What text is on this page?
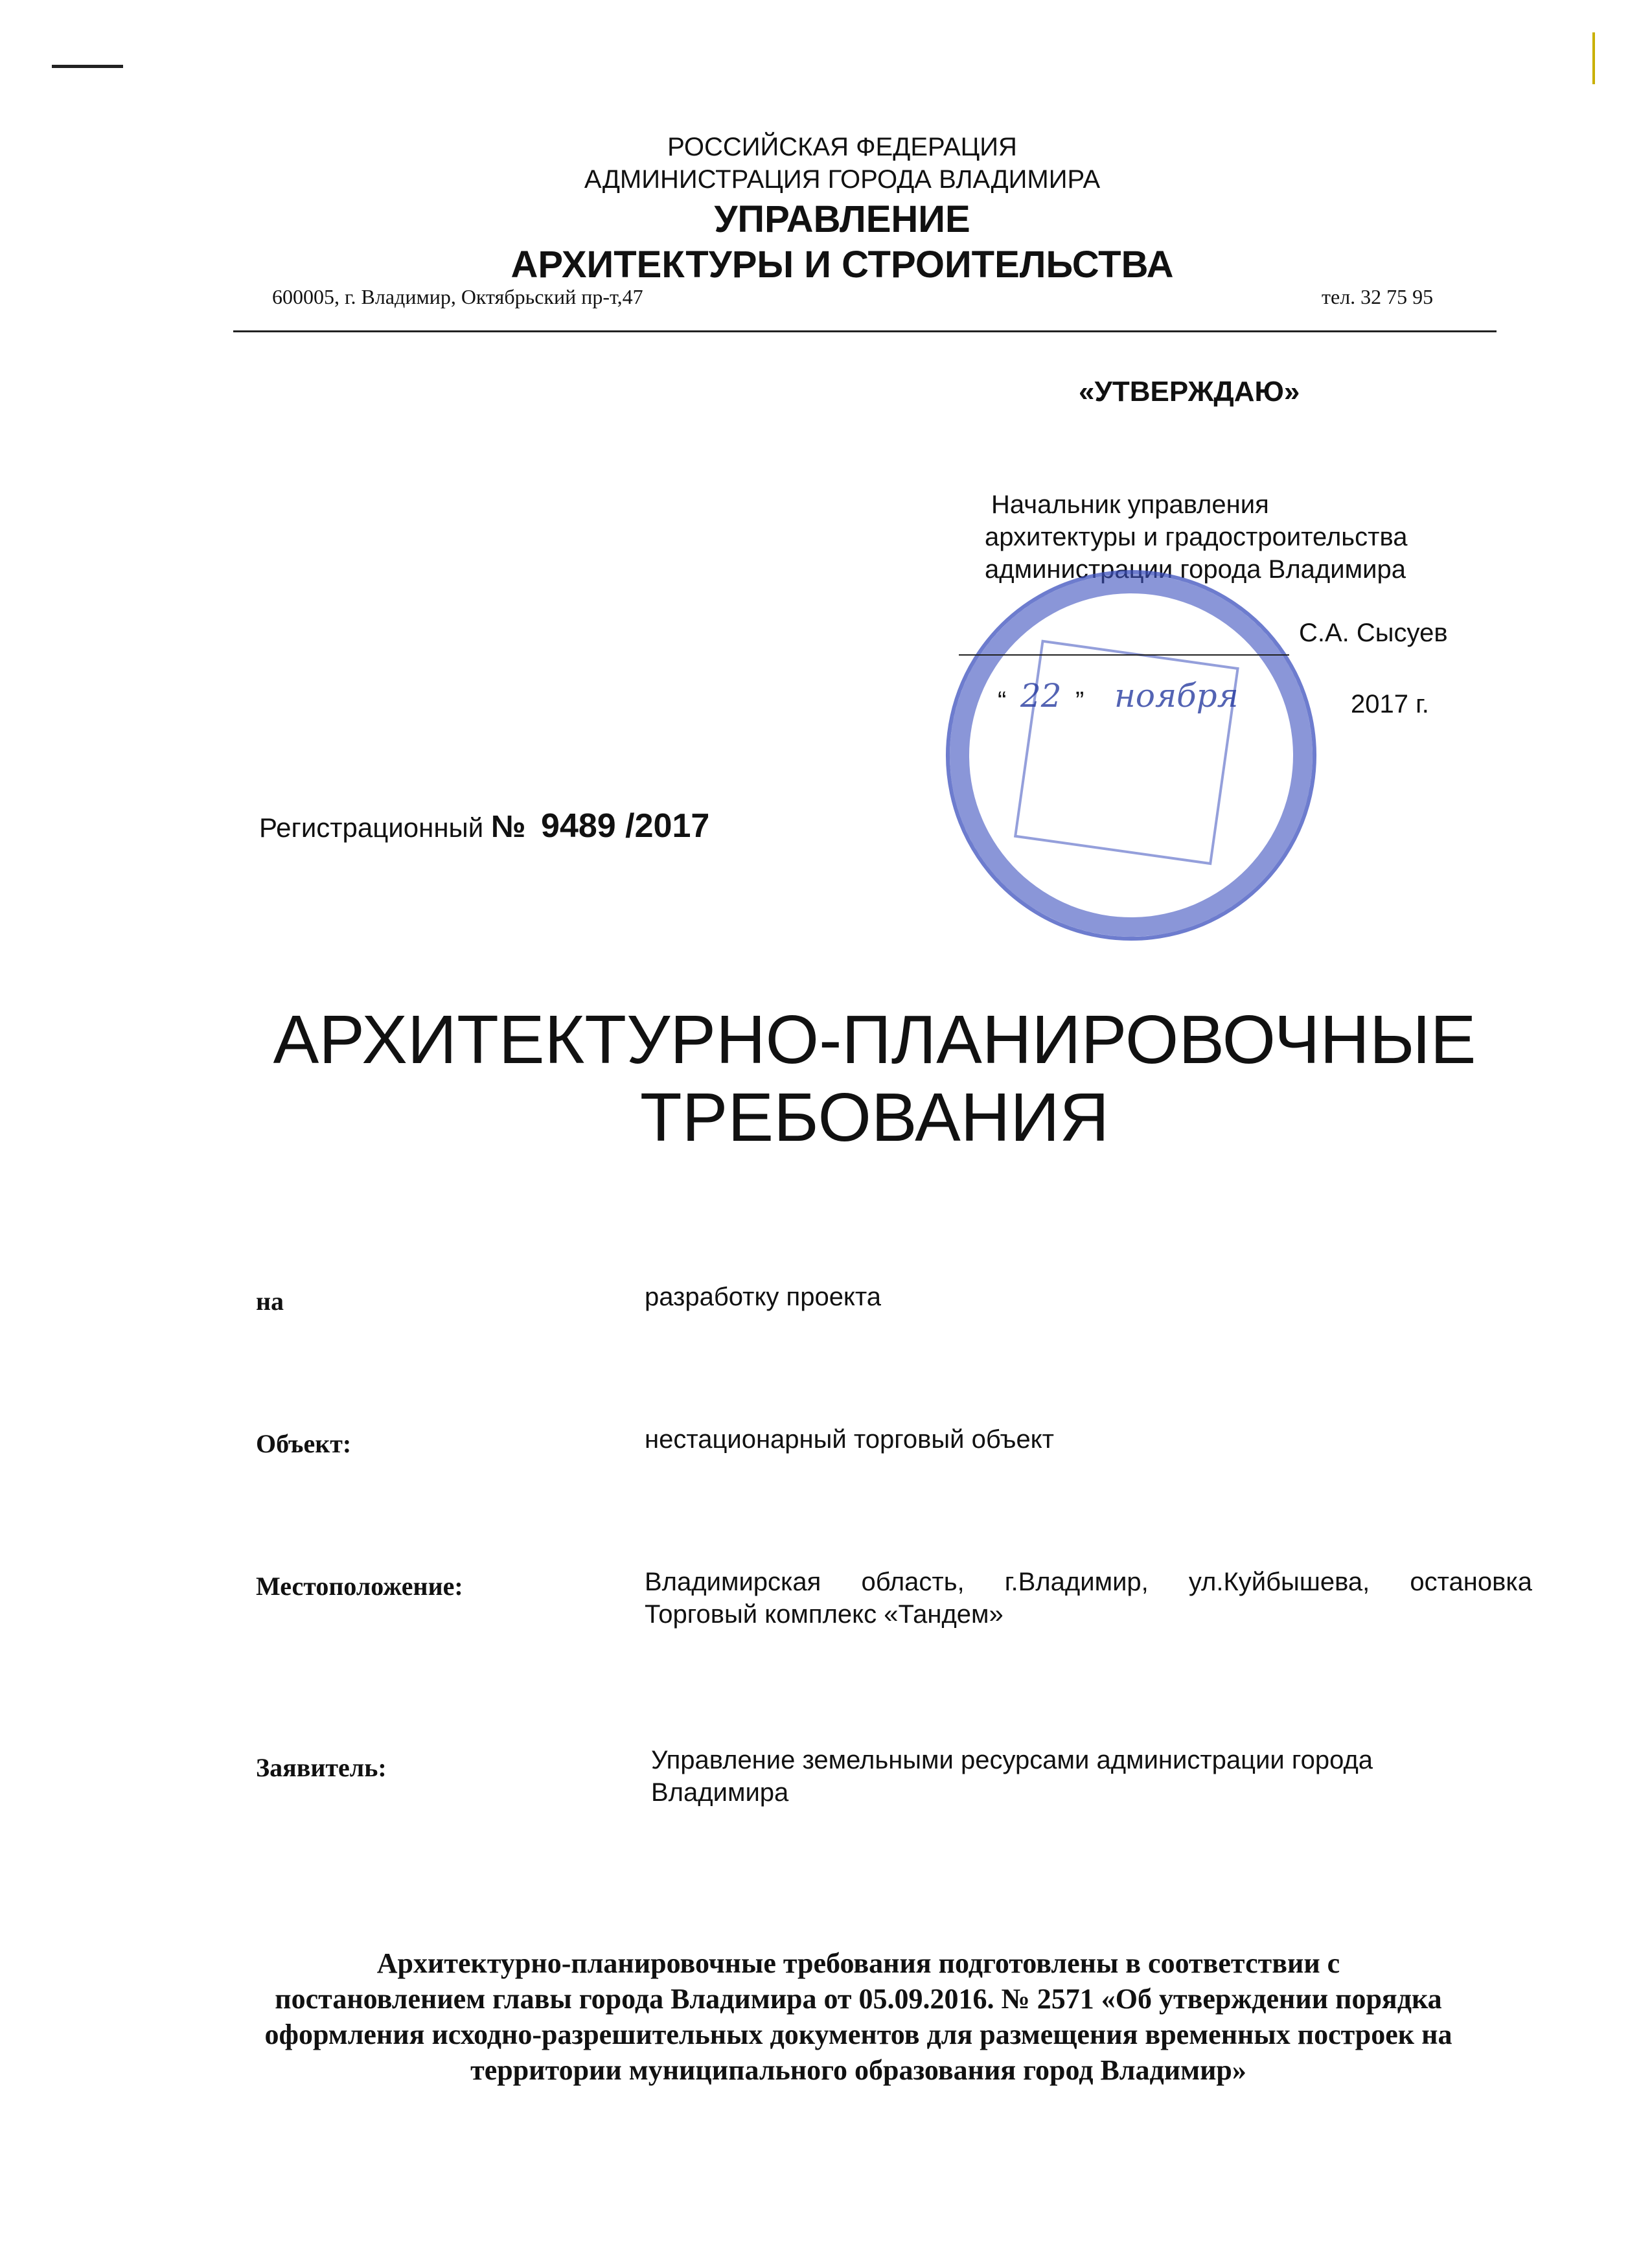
РОССИЙСКАЯ ФЕДЕРАЦИЯ
АДМИНИСТРАЦИЯ ГОРОДА ВЛАДИМИРА
УПРАВЛЕНИЕ
АРХИТЕКТУРЫ И СТРОИТЕЛЬСТВА
600005, г. Владимир, Октябрьский пр-т,47	тел. 32 75 95
«УТВЕРЖДАЮ»
Начальник управления
архитектуры и градостроительства
администрации города Владимира
С.А. Сысуев
“ 22 ” ноября	2017 г.
Регистрационный № 9489 /2017
АРХИТЕКТУРНО-ПЛАНИРОВОЧНЫЕ
ТРЕБОВАНИЯ
на	разработку проекта
Объект:	нестационарный торговый объект
Местоположение:	Владимирская область, г.Владимир, ул.Куйбышева, остановка
Торговый комплекс «Тандем»
Заявитель:	Управление земельными ресурсами администрации города
Владимира
Архитектурно-планировочные требования подготовлены в соответствии с
постановлением главы города Владимира от 05.09.2016. № 2571 «Об утверждении порядка
оформления исходно-разрешительных документов для размещения временных построек на
территории муниципального образования город Владимир»
